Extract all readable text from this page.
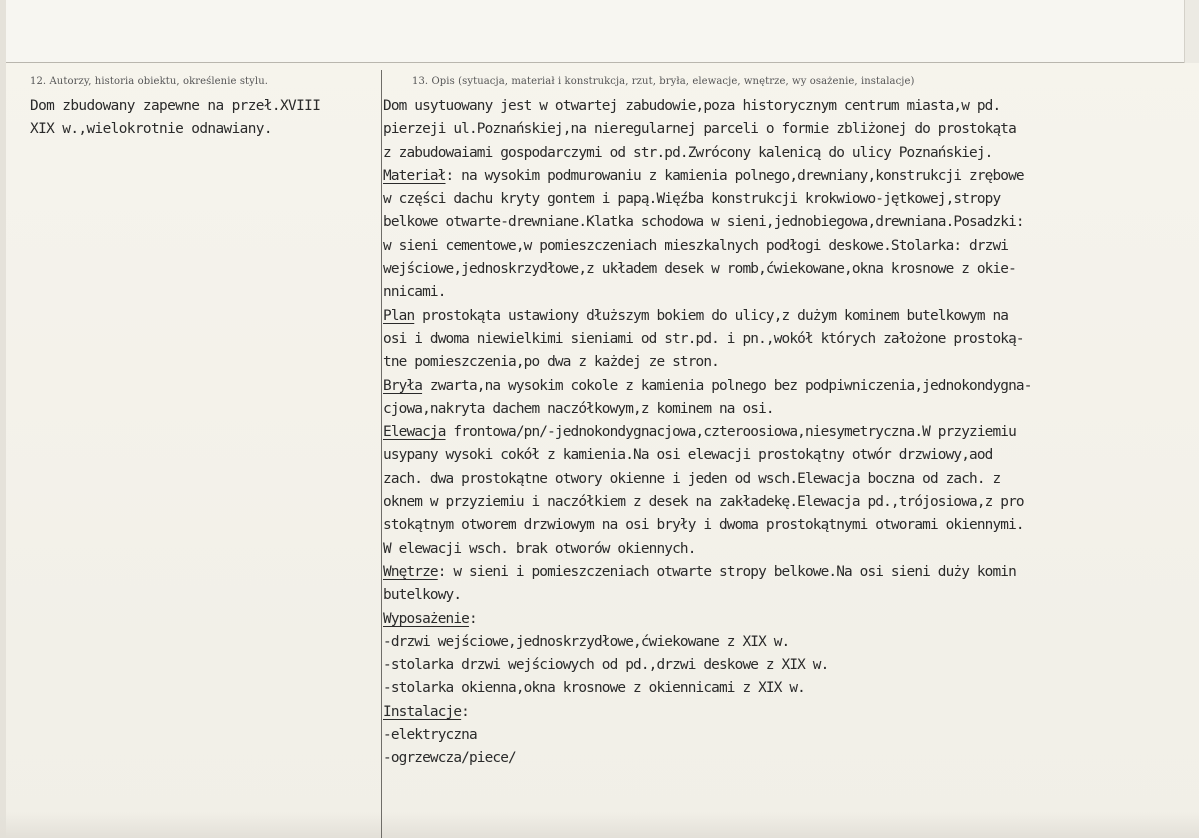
12. Autorzy, historia obiektu, określenie stylu.	13. Opis (sytuacja, materiał i konstrukcja, rzut, bryła, elewacje, wnętrze, wy osażenie, instalacje)
Dom zbudowany zapewne na przeł.XVIII
XIX w.,wielokrotnie odnawiany.
Dom usytuowany jest w otwartej zabudowie,poza historycznym centrum miasta,w pd.
pierzeji ul.Poznańskiej,na nieregularnej parceli o formie zbliżonej do prostokąta
z zabudowaiami gospodarczymi od str.pd.Zwrócony kalenicą do ulicy Poznańskiej.
Materiał: na wysokim podmurowaniu z kamienia polnego,drewniany,konstrukcji zrębowe
w części dachu kryty gontem i papą.Więźba konstrukcji krokwiowo-jętkowej,stropy
belkowe otwarte-drewniane.Klatka schodowa w sieni,jednobiegowa,drewniana.Posadzki:
w sieni cementowe,w pomieszczeniach mieszkalnych podłogi deskowe.Stolarka: drzwi
wejściowe,jednoskrzydłowe,z układem desek w romb,ćwiekowane,okna krosnowe z okie-
nnicami.
Plan prostokąta ustawiony dłuższym bokiem do ulicy,z dużym kominem butelkowym na
osi i dwoma niewielkimi sieniami od str.pd. i pn.,wokół których założone prostoką-
tne pomieszczenia,po dwa z każdej ze stron.
Bryła zwarta,na wysokim cokole z kamienia polnego bez podpiwniczenia,jednokondygna-
cjowa,nakryta dachem naczółkowym,z kominem na osi.
Elewacja frontowa/pn/-jednokondygnacjowa,czteroosiowa,niesymetryczna.W przyziemiu
usypany wysoki cokół z kamienia.Na osi elewacji prostokątny otwór drzwiowy,aod
zach. dwa prostokątne otwory okienne i jeden od wsch.Elewacja boczna od zach. z
oknem w przyziemiu i naczółkiem z desek na zakładekę.Elewacja pd.,trójosiowa,z pro
stokątnym otworem drzwiowym na osi bryły i dwoma prostokątnymi otworami okiennymi.
W elewacji wsch. brak otworów okiennych.
Wnętrze: w sieni i pomieszczeniach otwarte stropy belkowe.Na osi sieni duży komin
butelkowy.
Wyposażenie:
-drzwi wejściowe,jednoskrzydłowe,ćwiekowane z XIX w.
-stolarka drzwi wejściowych od pd.,drzwi deskowe z XIX w.
-stolarka okienna,okna krosnowe z okiennicami z XIX w.
Instalacje:
-elektryczna
-ogrzewcza/piece/
